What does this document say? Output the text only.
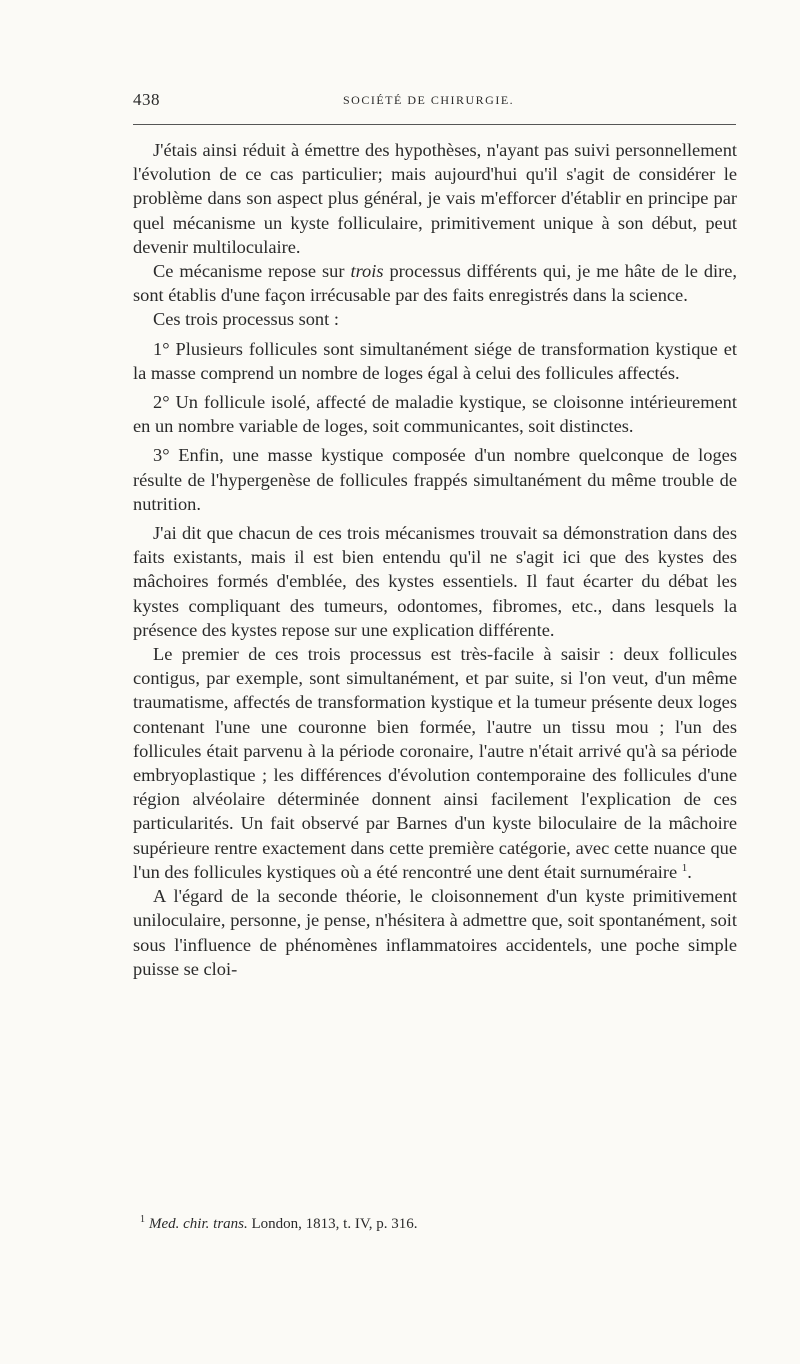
438	SOCIÉTÉ DE CHIRURGIE.

J'étais ainsi réduit à émettre des hypothèses, n'ayant pas suivi personnellement l'évolution de ce cas particulier; mais aujourd'hui qu'il s'agit de considérer le problème dans son aspect plus général, je vais m'efforcer d'établir en principe par quel mécanisme un kyste folliculaire, primitivement unique à son début, peut devenir multiloculaire.

Ce mécanisme repose sur trois processus différents qui, je me hâte de le dire, sont établis d'une façon irrécusable par des faits enregistrés dans la science.

Ces trois processus sont :

1° Plusieurs follicules sont simultanément siége de transformation kystique et la masse comprend un nombre de loges égal à celui des follicules affectés.

2° Un follicule isolé, affecté de maladie kystique, se cloisonne intérieurement en un nombre variable de loges, soit communicantes, soit distinctes.

3° Enfin, une masse kystique composée d'un nombre quelconque de loges résulte de l'hypergenèse de follicules frappés simultanément du même trouble de nutrition.

J'ai dit que chacun de ces trois mécanismes trouvait sa démonstration dans des faits existants, mais il est bien entendu qu'il ne s'agit ici que des kystes des mâchoires formés d'emblée, des kystes essentiels. Il faut écarter du débat les kystes compliquant des tumeurs, odontomes, fibromes, etc., dans lesquels la présence des kystes repose sur une explication différente.

Le premier de ces trois processus est très-facile à saisir : deux follicules contigus, par exemple, sont simultanément, et par suite, si l'on veut, d'un même traumatisme, affectés de transformation kystique et la tumeur présente deux loges contenant l'une une couronne bien formée, l'autre un tissu mou ; l'un des follicules était parvenu à la période coronaire, l'autre n'était arrivé qu'à sa période embryoplastique ; les différences d'évolution contemporaine des follicules d'une région alvéolaire déterminée donnent ainsi facilement l'explication de ces particularités. Un fait observé par Barnes d'un kyste biloculaire de la mâchoire supérieure rentre exactement dans cette première catégorie, avec cette nuance que l'un des follicules kystiques où a été rencontré une dent était surnuméraire $^1$.

A l'égard de la seconde théorie, le cloisonnement d'un kyste primitivement uniloculaire, personne, je pense, n'hésitera à admettre que, soit spontanément, soit sous l'influence de phénomènes inflammatoires accidentels, une poche simple puisse se cloi-

$^1$ Med. chir. trans. London, 1813, t. IV, p. 316.
